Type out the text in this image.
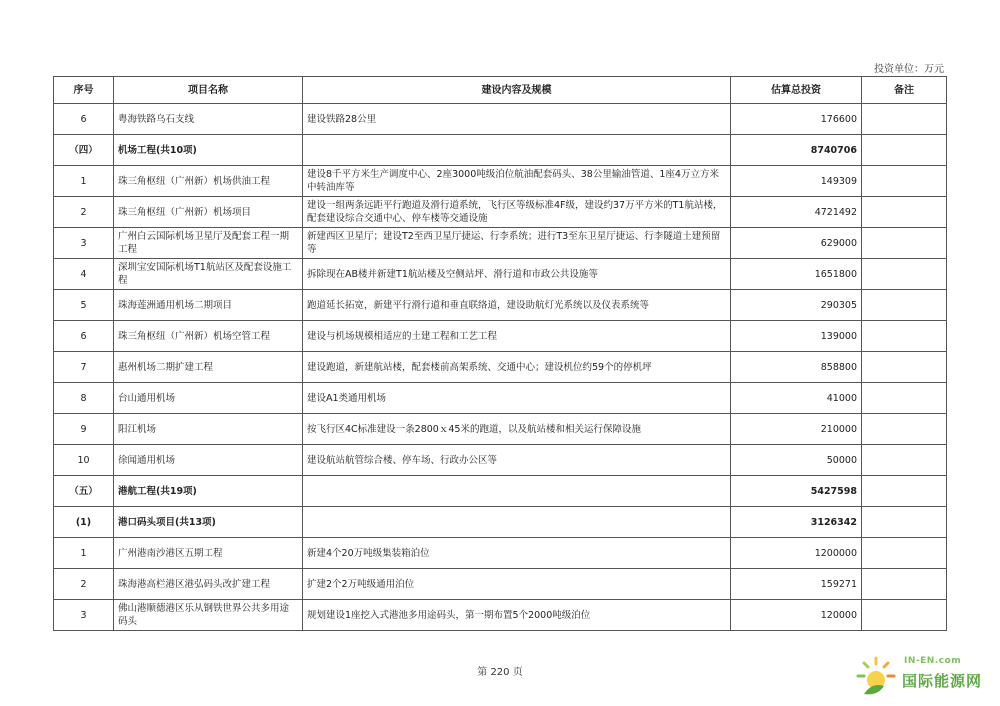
投资单位：万元
序号	项目名称	建设内容及规模	估算总投资	备注
6	粤海铁路乌石支线	建设铁路28公里	176600	
（四）	机场工程(共10项)		8740706	
1	珠三角枢纽（广州新）机场供油工程	建设8千平方米生产调度中心、2座3000吨级泊位航油配套码头、38公里输油管道、1座4万立方米中转油库等	149309	
2	珠三角枢纽（广州新）机场项目	建设一组两条远距平行跑道及滑行道系统，飞行区等级标准4F级，建设约37万平方米的T1航站楼，配套建设综合交通中心、停车楼等交通设施	4721492	
3	广州白云国际机场卫星厅及配套工程一期工程	新建西区卫星厅；建设T2至西卫星厅捷运、行李系统；进行T3至东卫星厅捷运、行李隧道土建预留等	629000	
4	深圳宝安国际机场T1航站区及配套设施工程	拆除现在AB楼并新建T1航站楼及空侧站坪、滑行道和市政公共设施等	1651800	
5	珠海莲洲通用机场二期项目	跑道延长拓宽，新建平行滑行道和垂直联络道，建设助航灯光系统以及仪表系统等	290305	
6	珠三角枢纽（广州新）机场空管工程	建设与机场规模相适应的土建工程和工艺工程	139000	
7	惠州机场二期扩建工程	建设跑道，新建航站楼，配套楼前高架系统、交通中心；建设机位约59个的停机坪	858800	
8	台山通用机场	建设A1类通用机场	41000	
9	阳江机场	按飞行区4C标准建设一条2800ｘ45米的跑道，以及航站楼和相关运行保障设施	210000	
10	徐闻通用机场	建设航站航管综合楼、停车场、行政办公区等	50000	
（五）	港航工程(共19项)		5427598	
(1)	港口码头项目(共13项)		3126342	
1	广州港南沙港区五期工程	新建4个20万吨级集装箱泊位	1200000	
2	珠海港高栏港区港弘码头改扩建工程	扩建2个2万吨级通用泊位	159271	
3	佛山港顺德港区乐从钢铁世界公共多用途码头	规划建设1座挖入式港池多用途码头，第一期布置5个2000吨级泊位	120000	
第 220 页
IN-EN.com
国际能源网
